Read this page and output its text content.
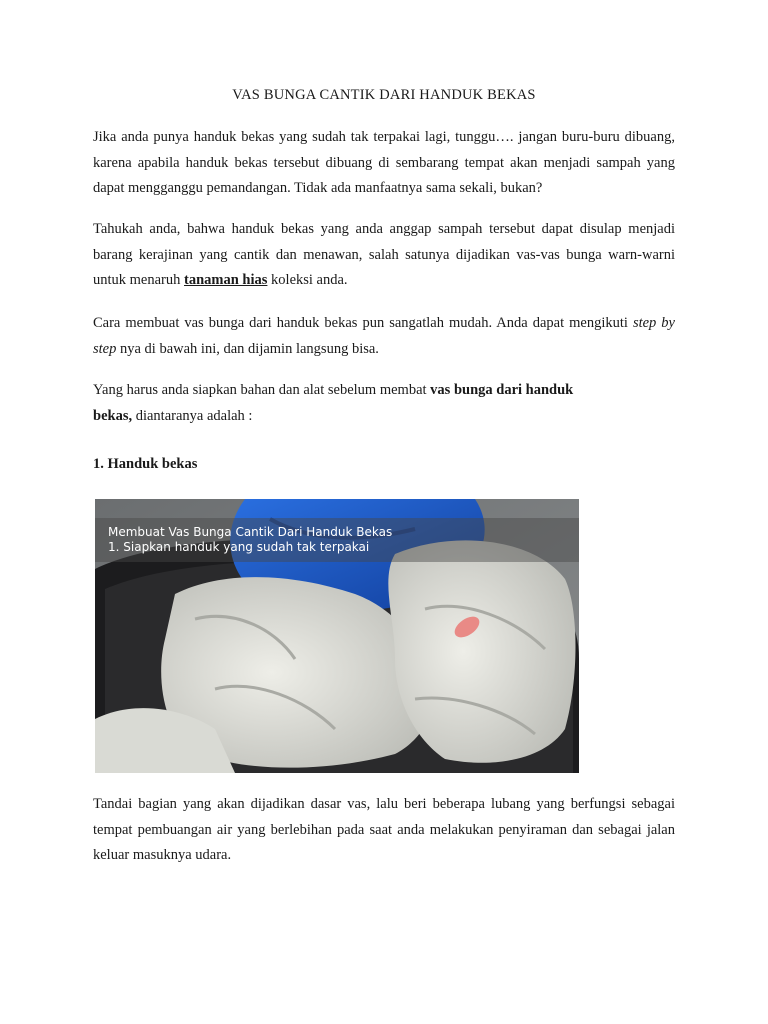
VAS BUNGA CANTIK DARI HANDUK BEKAS

Jika anda punya handuk bekas yang sudah tak terpakai lagi, tunggu…. jangan buru-buru dibuang, karena apabila handuk bekas tersebut dibuang di sembarang tempat akan menjadi sampah yang dapat mengganggu pemandangan. Tidak ada manfaatnya sama sekali, bukan?

Tahukah anda, bahwa handuk bekas yang anda anggap sampah tersebut dapat disulap menjadi barang kerajinan yang cantik dan menawan, salah satunya dijadikan vas-vas bunga warn-warni untuk menaruh tanaman hias koleksi anda.

Cara membuat vas bunga dari handuk bekas pun sangatlah mudah. Anda dapat mengikuti step by step nya di bawah ini, dan dijamin langsung bisa.

Yang harus anda siapkan bahan dan alat sebelum membat vas bunga dari handuk
bekas, diantaranya adalah :

1. Handuk bekas
Membuat Vas Bunga Cantik Dari Handuk Bekas
1. Siapkan handuk yang sudah tak terpakai

Tandai bagian yang akan dijadikan dasar vas, lalu beri beberapa lubang yang berfungsi sebagai tempat pembuangan air yang berlebihan pada saat anda melakukan penyiraman dan sebagai jalan keluar masuknya udara.
